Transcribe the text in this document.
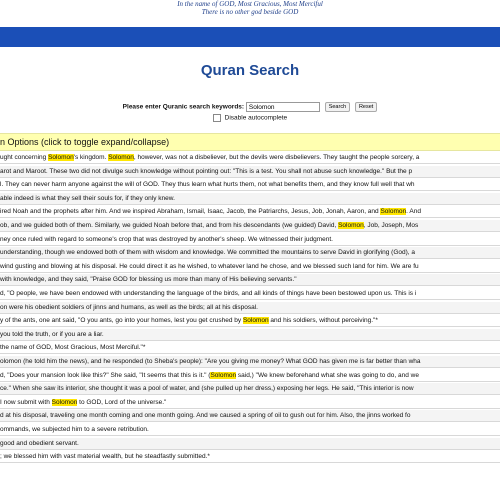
In the name of GOD, Most Gracious, Most Merciful
There is no other god beside GOD
Quran Search
Please enter Quranic search keywords: Solomon	Search Reset
Disable autocomplete
n Options (click to toggle expand/collapse)
ught concerning Solomon's kingdom. Solomon, however, was not a disbeliever, but the devils were disbelievers. They taught the people sorcery, a
arot and Maroot. These two did not divulge such knowledge without pointing out: "This is a test. You shall not abuse such knowledge." But the p
l. They can never harm anyone against the will of GOD. They thus learn what hurts them, not what benefits them, and they know full well that wh
able indeed is what they sell their souls for, if they only knew.
ired Noah and the prophets after him. And we inspired Abraham, Ismail, Isaac, Jacob, the Patriarchs, Jesus, Job, Jonah, Aaron, and Solomon. And
ob, and we guided both of them. Similarly, we guided Noah before that, and from his descendants (we guided) David, Solomon, Job, Joseph, Mos
ney once ruled with regard to someone's crop that was destroyed by another's sheep. We witnessed their judgment.
understanding, though we endowed both of them with wisdom and knowledge. We committed the mountains to serve David in glorifying (God), a
wind gusting and blowing at his disposal. He could direct it as he wished, to whatever land he chose, and we blessed such land for him. We are fu
with knowledge, and they said, "Praise GOD for blessing us more than many of His believing servants."
d, "O people, we have been endowed with understanding the language of the birds, and all kinds of things have been bestowed upon us. This is i
on were his obedient soldiers of jinns and humans, as well as the birds; all at his disposal.
y of the ants, one ant said, "O you ants, go into your homes, lest you get crushed by Solomon and his soldiers, without perceiving."*
you told the truth, or if you are a liar.
the name of GOD, Most Gracious, Most Merciful."*
olomon (he told him the news), and he responded (to Sheba's people): "Are you giving me money? What GOD has given me is far better than wha
d, "Does your mansion look like this?" She said, "It seems that this is it." (Solomon said,) "We knew beforehand what she was going to do, and we
ce." When she saw its interior, she thought it was a pool of water, and (she pulled up her dress,) exposing her legs. He said, "This interior is now
I now submit with Solomon to GOD, Lord of the universe."
d at his disposal, traveling one month coming and one month going. And we caused a spring of oil to gush out for him. Also, the jinns worked fo
ommands, we subjected him to a severe retribution.
good and obedient servant.
; we blessed him with vast material wealth, but he steadfastly submitted.*
